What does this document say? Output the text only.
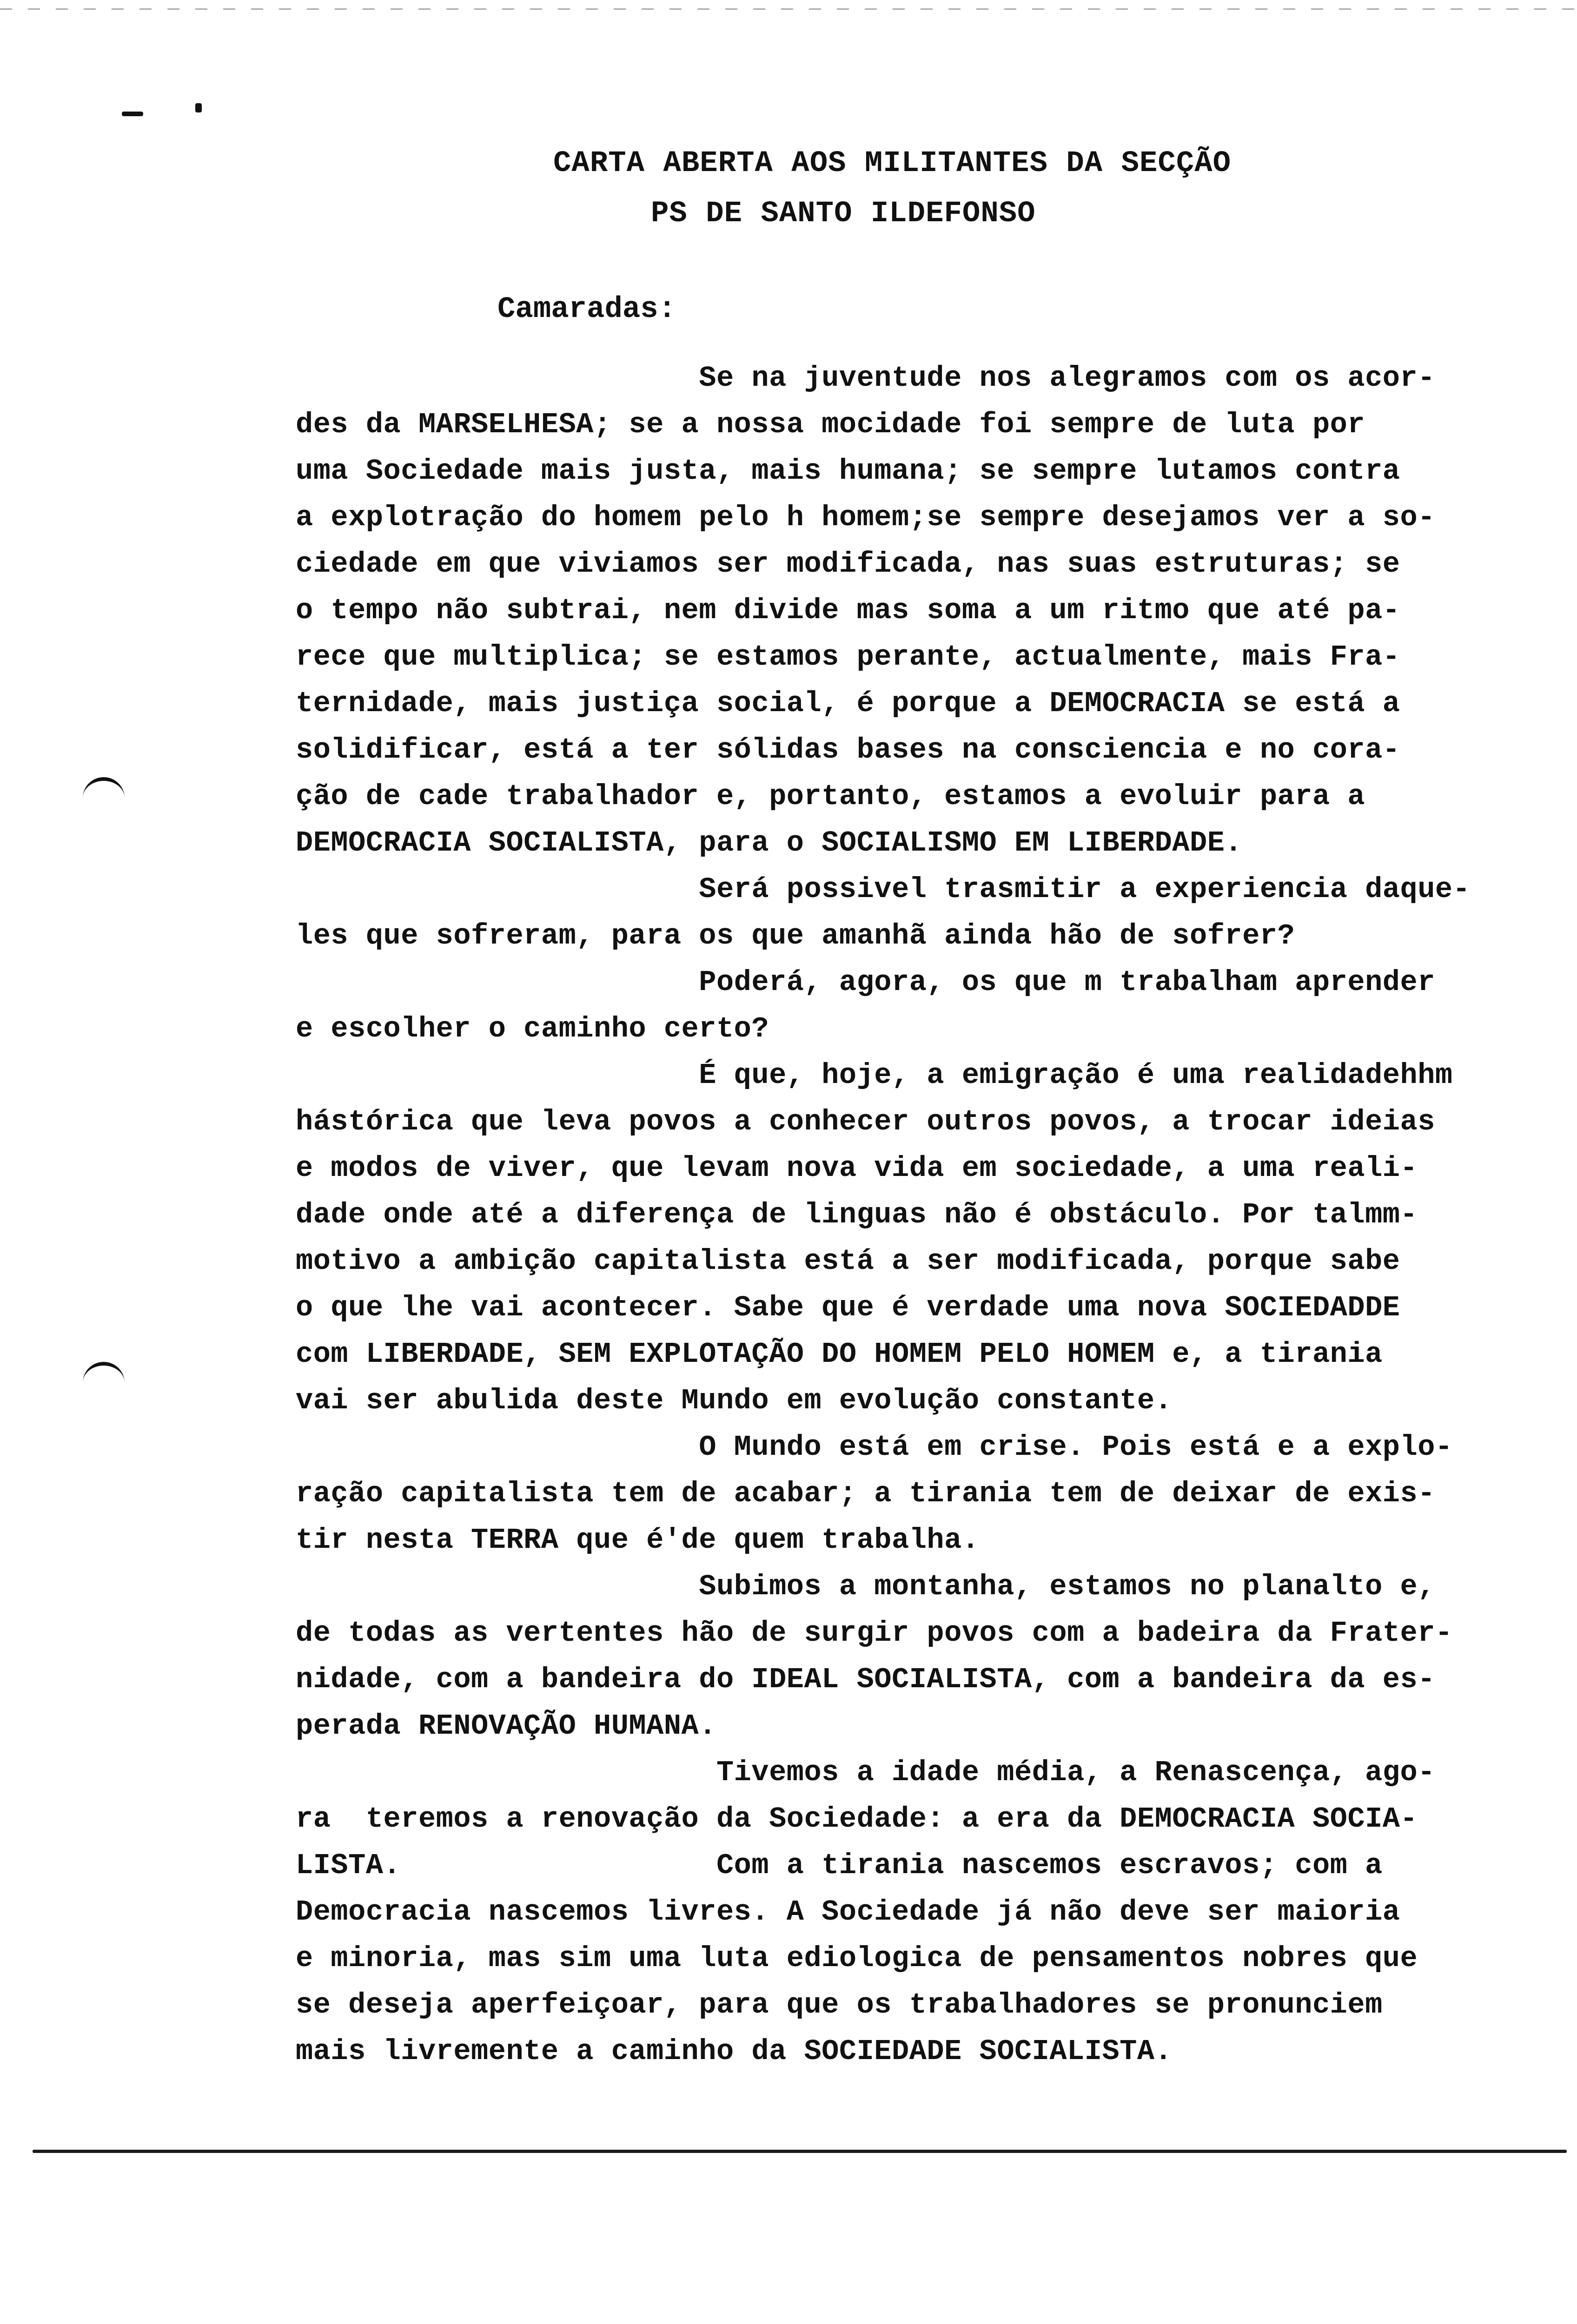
CARTA ABERTA AOS MILITANTES DA SECÇÃO
PS DE SANTO ILDEFONSO
Camaradas:
Se na juventude nos alegramos com os acor-
des da MARSELHESA; se a nossa mocidade foi sempre de luta por
uma Sociedade mais justa, mais humana; se sempre lutamos contra
a explotração do homem pelo h homem;se sempre desejamos ver a so-
ciedade em que viviamos ser modificada, nas suas estruturas; se
o tempo não subtrai, nem divide mas soma a um ritmo que até pa-
rece que multiplica; se estamos perante, actualmente, mais Fra-
ternidade, mais justiça social, é porque a DEMOCRACIA se está a
solidificar, está a ter sólidas bases na consciencia e no cora-
ção de cade trabalhador e, portanto, estamos a evoluir para a
DEMOCRACIA SOCIALISTA, para o SOCIALISMO EM LIBERDADE.
Será possivel trasmitir a experiencia daque-
les que sofreram, para os que amanhã ainda hão de sofrer?
Poderá, agora, os que m trabalham aprender
e escolher o caminho certo?
É que, hoje, a emigração é uma realidadehhm
hástórica que leva povos a conhecer outros povos, a trocar ideias
e modos de viver, que levam nova vida em sociedade, a uma reali-
dade onde até a diferença de linguas não é obstáculo. Por talmm-
motivo a ambição capitalista está a ser modificada, porque sabe
o que lhe vai acontecer. Sabe que é verdade uma nova SOCIEDADDE
com LIBERDADE, SEM EXPLOTAÇÃO DO HOMEM PELO HOMEM e, a tirania
vai ser abulida deste Mundo em evolução constante.
O Mundo está em crise. Pois está e a explo-
ração capitalista tem de acabar; a tirania tem de deixar de exis-
tir nesta TERRA que é'de quem trabalha.
Subimos a montanha, estamos no planalto e,
de todas as vertentes hão de surgir povos com a badeira da Frater-
nidade, com a bandeira do IDEAL SOCIALISTA, com a bandeira da es-
perada RENOVAÇÃO HUMANA.
Tivemos a idade média, a Renascença, ago-
ra  teremos a renovação da Sociedade: a era da DEMOCRACIA SOCIA-
LISTA.                  Com a tirania nascemos escravos; com a
Democracia nascemos livres. A Sociedade já não deve ser maioria
e minoria, mas sim uma luta ediologica de pensamentos nobres que
se deseja aperfeiçoar, para que os trabalhadores se pronunciem
mais livremente a caminho da SOCIEDADE SOCIALISTA.
